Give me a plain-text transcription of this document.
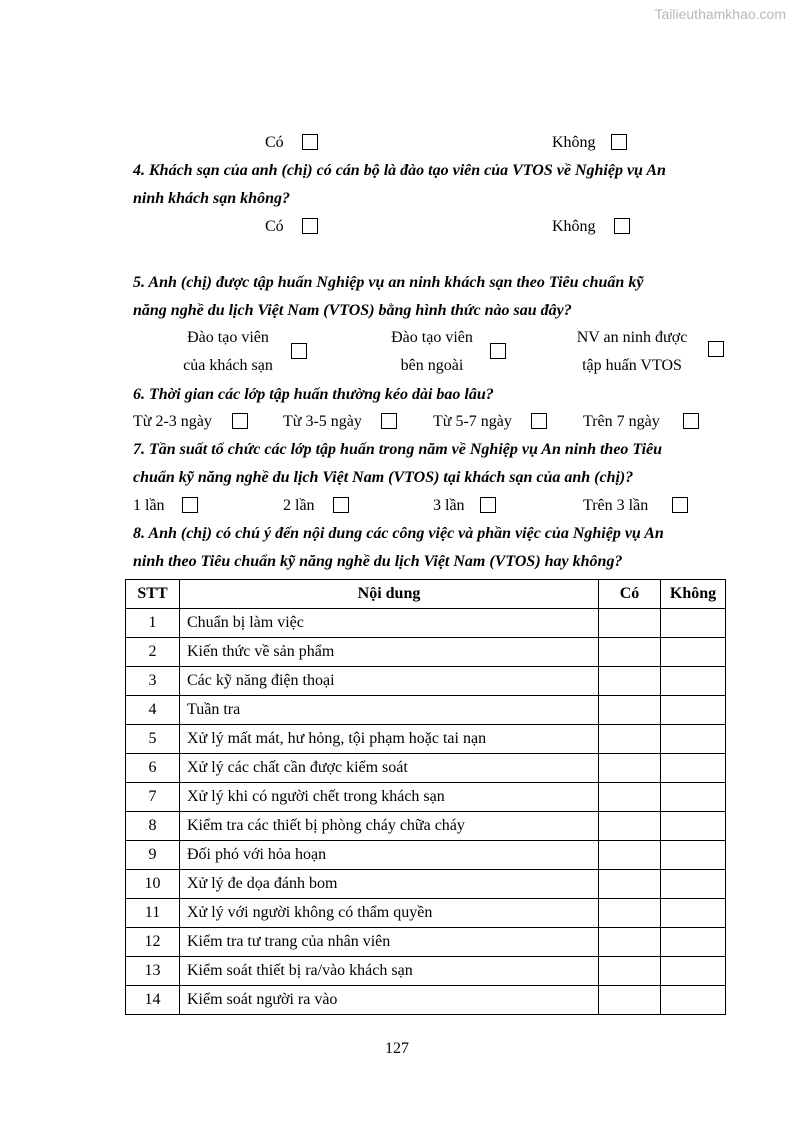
Tailieuthamkhao.com
Có	Không
4. Khách sạn của anh (chị) có cán bộ là đào tạo viên của VTOS về Nghiệp vụ An
ninh khách sạn không?
Có	Không
5. Anh (chị) được tập huấn Nghiệp vụ an ninh khách sạn theo Tiêu chuẩn kỹ
năng nghề du lịch Việt Nam (VTOS) bằng hình thức nào sau đây?
Đào tạo viên
của khách sạn
Đào tạo viên
bên ngoài
NV an ninh được
tập huấn VTOS
6. Thời gian các lớp tập huấn thường kéo dài bao lâu?
Từ 2-3 ngày	Từ 3-5 ngày	Từ 5-7 ngày	Trên 7 ngày
7. Tần suất tổ chức các lớp tập huấn trong năm về Nghiệp vụ An ninh theo Tiêu
chuẩn kỹ năng nghề du lịch Việt Nam (VTOS) tại khách sạn của anh (chị)?
1 lần	2 lần	3 lần	Trên 3 lần
8. Anh (chị) có chú ý đến nội dung các công việc và phần việc của Nghiệp vụ An
ninh theo Tiêu chuẩn kỹ năng nghề du lịch Việt Nam (VTOS) hay không?
STT	Nội dung	Có	Không
1	Chuẩn bị làm việc		
2	Kiến thức về sản phẩm		
3	Các kỹ năng điện thoại		
4	Tuần tra		
5	Xử lý mất mát, hư hỏng, tội phạm hoặc tai nạn		
6	Xử lý các chất cần được kiểm soát		
7	Xử lý khi có người chết trong khách sạn		
8	Kiểm tra các thiết bị phòng cháy chữa cháy		
9	Đối phó với hỏa hoạn		
10	Xử lý đe dọa đánh bom		
11	Xử lý với người không có thẩm quyền		
12	Kiểm tra tư trang của nhân viên		
13	Kiểm soát thiết bị ra/vào khách sạn		
14	Kiểm soát người ra vào		
127
